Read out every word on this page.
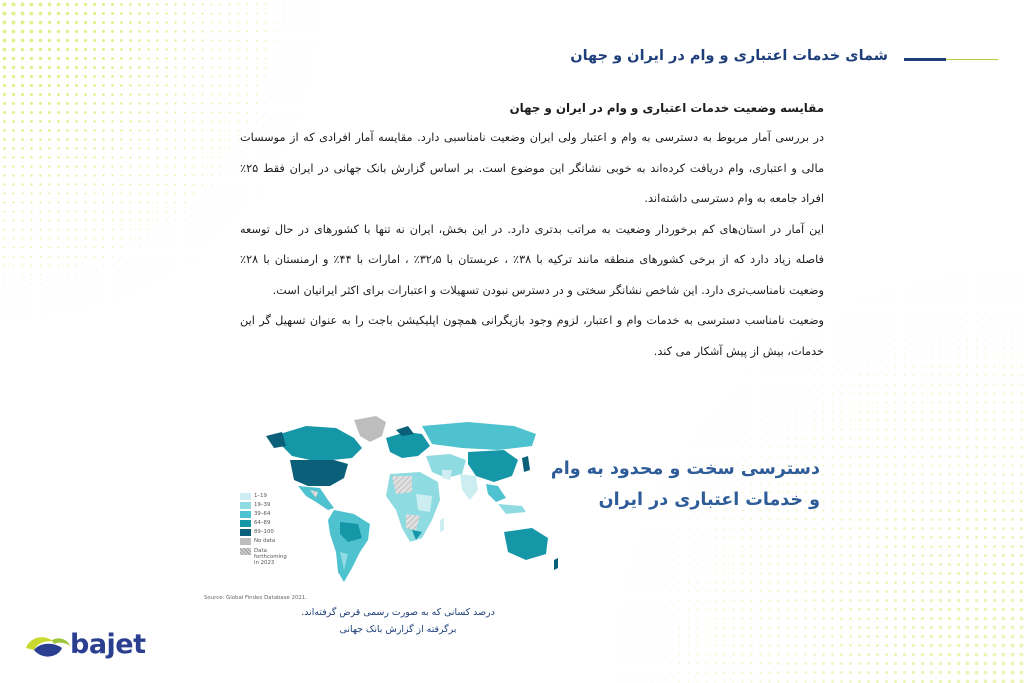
شمای خدمات اعتباری و وام در ایران و جهان
مقایسه وضعیت خدمات اعتباری و وام در ایران و جهان

در بررسی آمار مربوط به دسترسی به وام و اعتبار ولی ایران وضعیت نامناسبی دارد. مقایسه آمار افرادی که از موسسات مالی و اعتباری، وام دریافت کرده‌اند به خوبی نشانگر این موضوع است. بر اساس گزارش بانک جهانی در ایران فقط ۲۵٪ افراد جامعه به وام دسترسی داشته‌اند.

این آمار در استان‌های کم برخوردار وضعیت به مراتب بدتری دارد. در این بخش، ایران نه تنها با کشورهای در حال توسعه فاصله زیاد دارد که از برخی کشورهای منطقه مانند ترکیه با ۳۸٪ ، عربستان با ۳۲٫۵٪ ، امارات با ۴۴٪ و ارمنستان با ۲۸٪ وضعیت نامناسب‌تری دارد. این شاخص نشانگر سختی و در دسترس نبودن تسهیلات و اعتبارات برای اکثر ایرانیان است.

وضعیت نامناسب دسترسی به خدمات وام و اعتبار، لزوم وجود بازیگرانی همچون اپلیکیشن باجت را به عنوان تسهیل گر این خدمات، بیش از پیش آشکار می کند.

1–19
19–39
39–64
64–89
89–100
No data
Data forthcoming in 2023
Source: Global Findex Database 2021.
درصد کسانی که به صورت رسمی قرض گرفته‌اند.
برگرفته از گزارش بانک جهانی
دسترسی سخت و محدود به وام
و خدمات اعتباری در ایران
bajet
